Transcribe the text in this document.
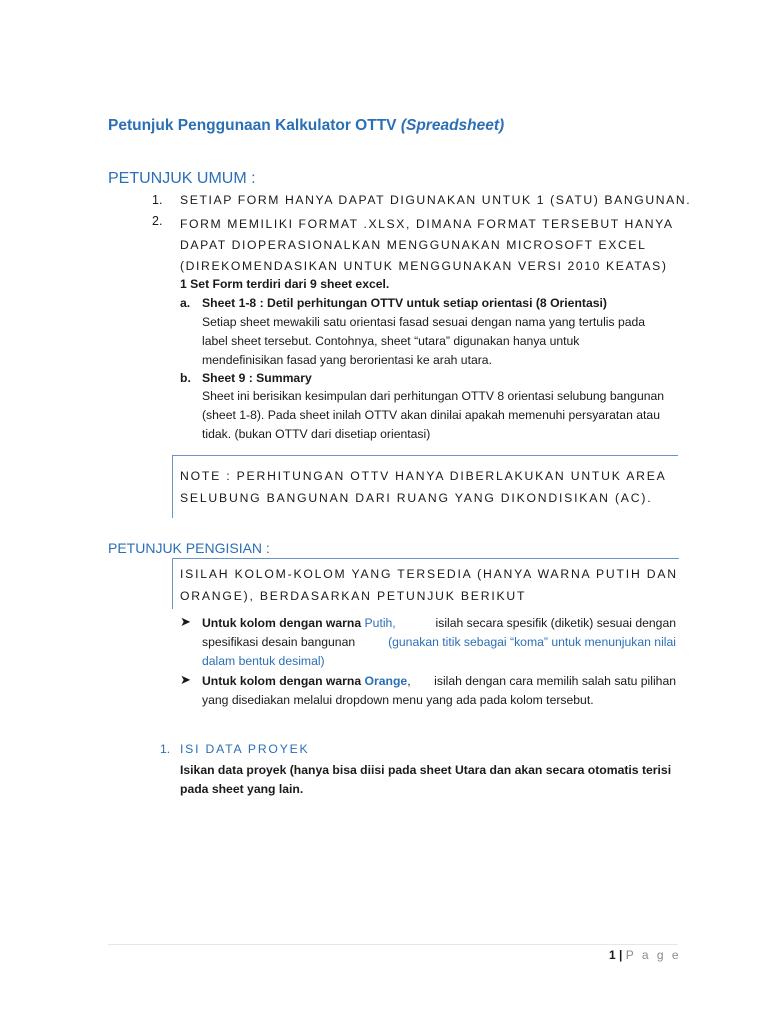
Petunjuk Penggunaan Kalkulator OTTV (Spreadsheet)
PETUNJUK UMUM :
1. SETIAP FORM HANYA DAPAT DIGUNAKAN UNTUK 1 (SATU) BANGUNAN.
2. FORM MEMILIKI FORMAT .XLSX, DIMANA FORMAT TERSEBUT HANYA
DAPAT DIOPERASIONALKAN MENGGUNAKAN MICROSOFT EXCEL
(DIREKOMENDASIKAN UNTUK MENGGUNAKAN VERSI 2010 KEATAS)
1 Set Form terdiri dari 9 sheet excel.
a. Sheet 1-8 : Detil perhitungan OTTV untuk setiap orientasi (8 Orientasi)
Setiap sheet mewakili satu orientasi fasad sesuai dengan nama yang tertulis pada
label sheet tersebut. Contohnya, sheet “utara” digunakan hanya untuk
mendefinisikan fasad yang berorientasi ke arah utara.
b. Sheet 9 : Summary
Sheet ini berisikan kesimpulan dari perhitungan OTTV 8 orientasi selubung bangunan
(sheet 1-8). Pada sheet inilah OTTV akan dinilai apakah memenuhi persyaratan atau
tidak. (bukan OTTV dari disetiap orientasi)
NOTE : PERHITUNGAN OTTV HANYA DIBERLAKUKAN UNTUK AREA
SELUBUNG BANGUNAN DARI RUANG YANG DIKONDISIKAN (AC).
PETUNJUK PENGISIAN :
ISILAH KOLOM-KOLOM YANG TERSEDIA (HANYA WARNA PUTIH DAN
ORANGE), BERDASARKAN PETUNJUK BERIKUT
➤ Untuk kolom dengan warna Putih,	isilah secara spesifik (diketik) sesuai dengan
spesifikasi desain bangunan	(gunakan titik sebagai “koma” untuk menunjukan nilai
dalam bentuk desimal)
➤ Untuk kolom dengan warna Orange, isilah dengan cara memilih salah satu pilihan
yang disediakan melalui dropdown menu yang ada pada kolom tersebut.
1. ISI DATA PROYEK
Isikan data proyek (hanya bisa diisi pada sheet Utara dan akan secara otomatis terisi
pada sheet yang lain.
1 | P a g e
